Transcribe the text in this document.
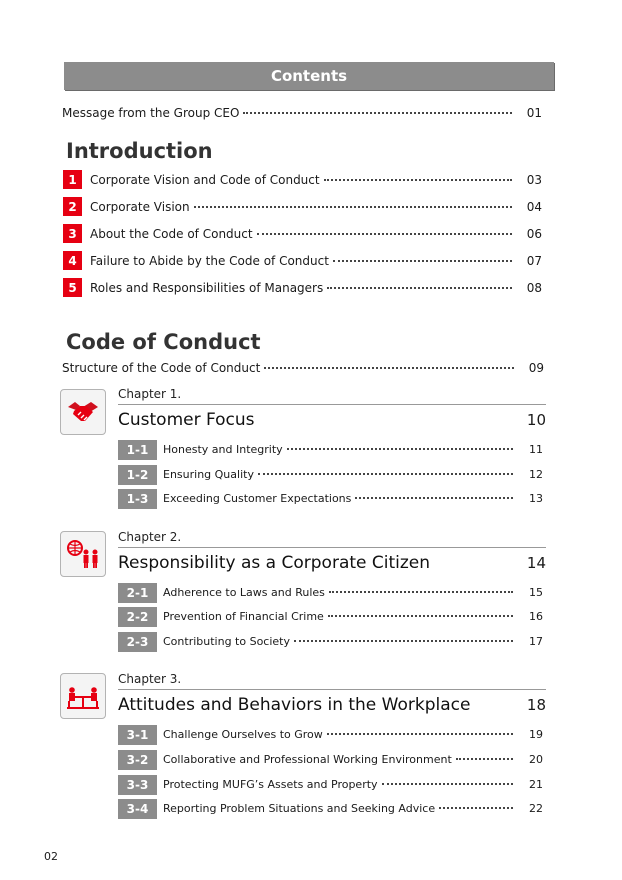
Contents
Message from the Group CEO	01
Introduction
1	Corporate Vision and Code of Conduct	03
2	Corporate Vision	04
3	About the Code of Conduct	06
4	Failure to Abide by the Code of Conduct	07
5	Roles and Responsibilities of Managers	08
Code of Conduct
Structure of the Code of Conduct	09
Chapter 1.
Customer Focus	10
1-1	Honesty and Integrity	11
1-2	Ensuring Quality	12
1-3	Exceeding Customer Expectations	13
Chapter 2.
Responsibility as a Corporate Citizen	14
2-1	Adherence to Laws and Rules	15
2-2	Prevention of Financial Crime	16
2-3	Contributing to Society	17
Chapter 3.
Attitudes and Behaviors in the Workplace	18
3-1	Challenge Ourselves to Grow	19
3-2	Collaborative and Professional Working Environment	20
3-3	Protecting MUFG’s Assets and Property	21
3-4	Reporting Problem Situations and Seeking Advice	22
02
